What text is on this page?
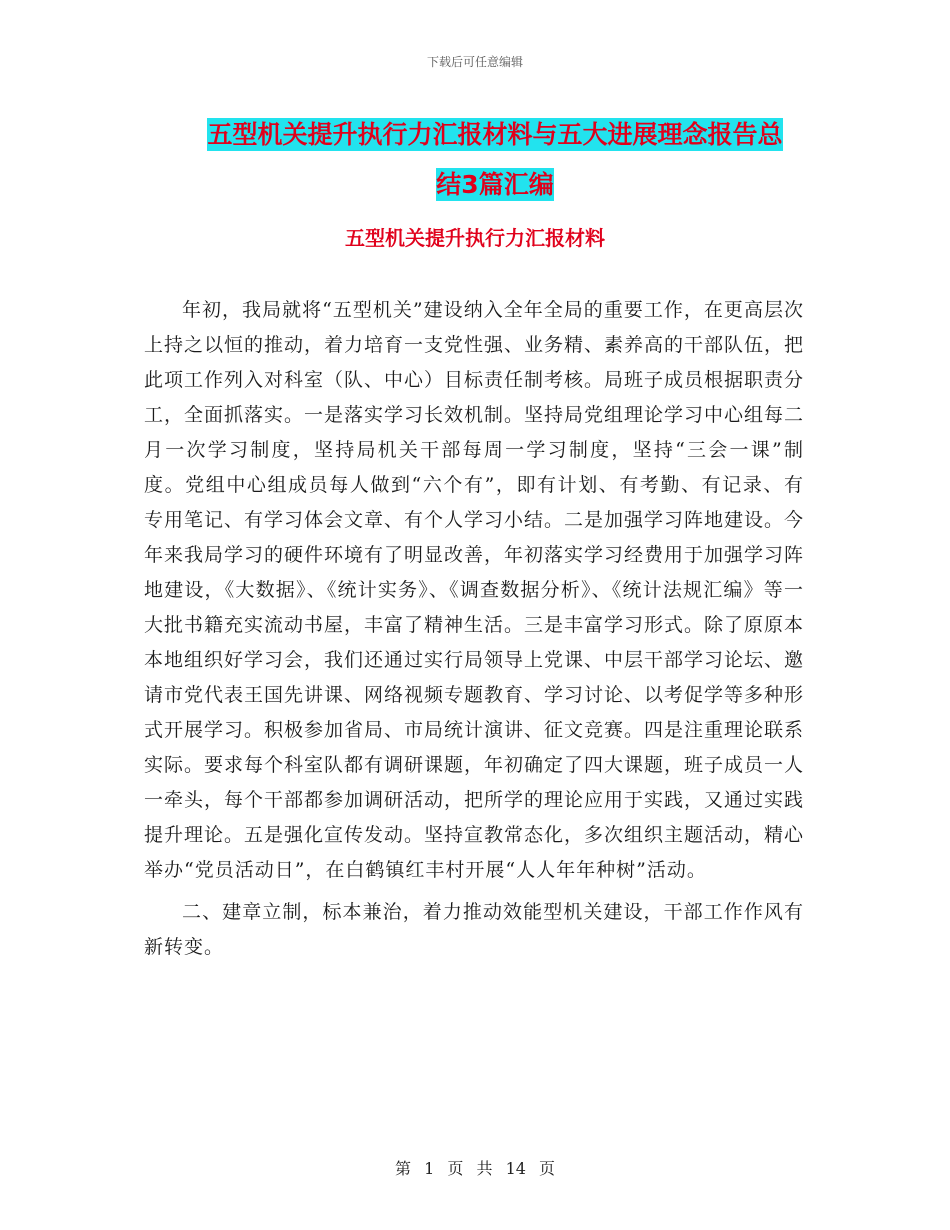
下载后可任意编辑
五型机关提升执行力汇报材料与五大进展理念报告总
结3篇汇编
五型机关提升执行力汇报材料

年初，我局就将“五型机关”建设纳入全年全局的重要工作，在更高层次上持之以恒的推动，着力培育一支党性强、业务精、素养高的干部队伍，把此项工作列入对科室（队、中心）目标责任制考核。局班子成员根据职责分工，全面抓落实。一是落实学习长效机制。坚持局党组理论学习中心组每二月一次学习制度，坚持局机关干部每周一学习制度，坚持“三会一课”制度。党组中心组成员每人做到“六个有”，即有计划、有考勤、有记录、有专用笔记、有学习体会文章、有个人学习小结。二是加强学习阵地建设。今年来我局学习的硬件环境有了明显改善，年初落实学习经费用于加强学习阵地建设，《大数据》、《统计实务》、《调查数据分析》、《统计法规汇编》等一大批书籍充实流动书屋，丰富了精神生活。三是丰富学习形式。除了原原本本地组织好学习会，我们还通过实行局领导上党课、中层干部学习论坛、邀请市党代表王国先讲课、网络视频专题教育、学习讨论、以考促学等多种形式开展学习。积极参加省局、市局统计演讲、征文竞赛。四是注重理论联系实际。要求每个科室队都有调研课题，年初确定了四大课题，班子成员一人一牵头，每个干部都参加调研活动，把所学的理论应用于实践，又通过实践提升理论。五是强化宣传发动。坚持宣教常态化，多次组织主题活动，精心举办“党员活动日”，在白鹤镇红丰村开展“人人年年种树”活动。

二、建章立制，标本兼治，着力推动效能型机关建设，干部工作作风有新转变。

第 1 页 共 14 页
